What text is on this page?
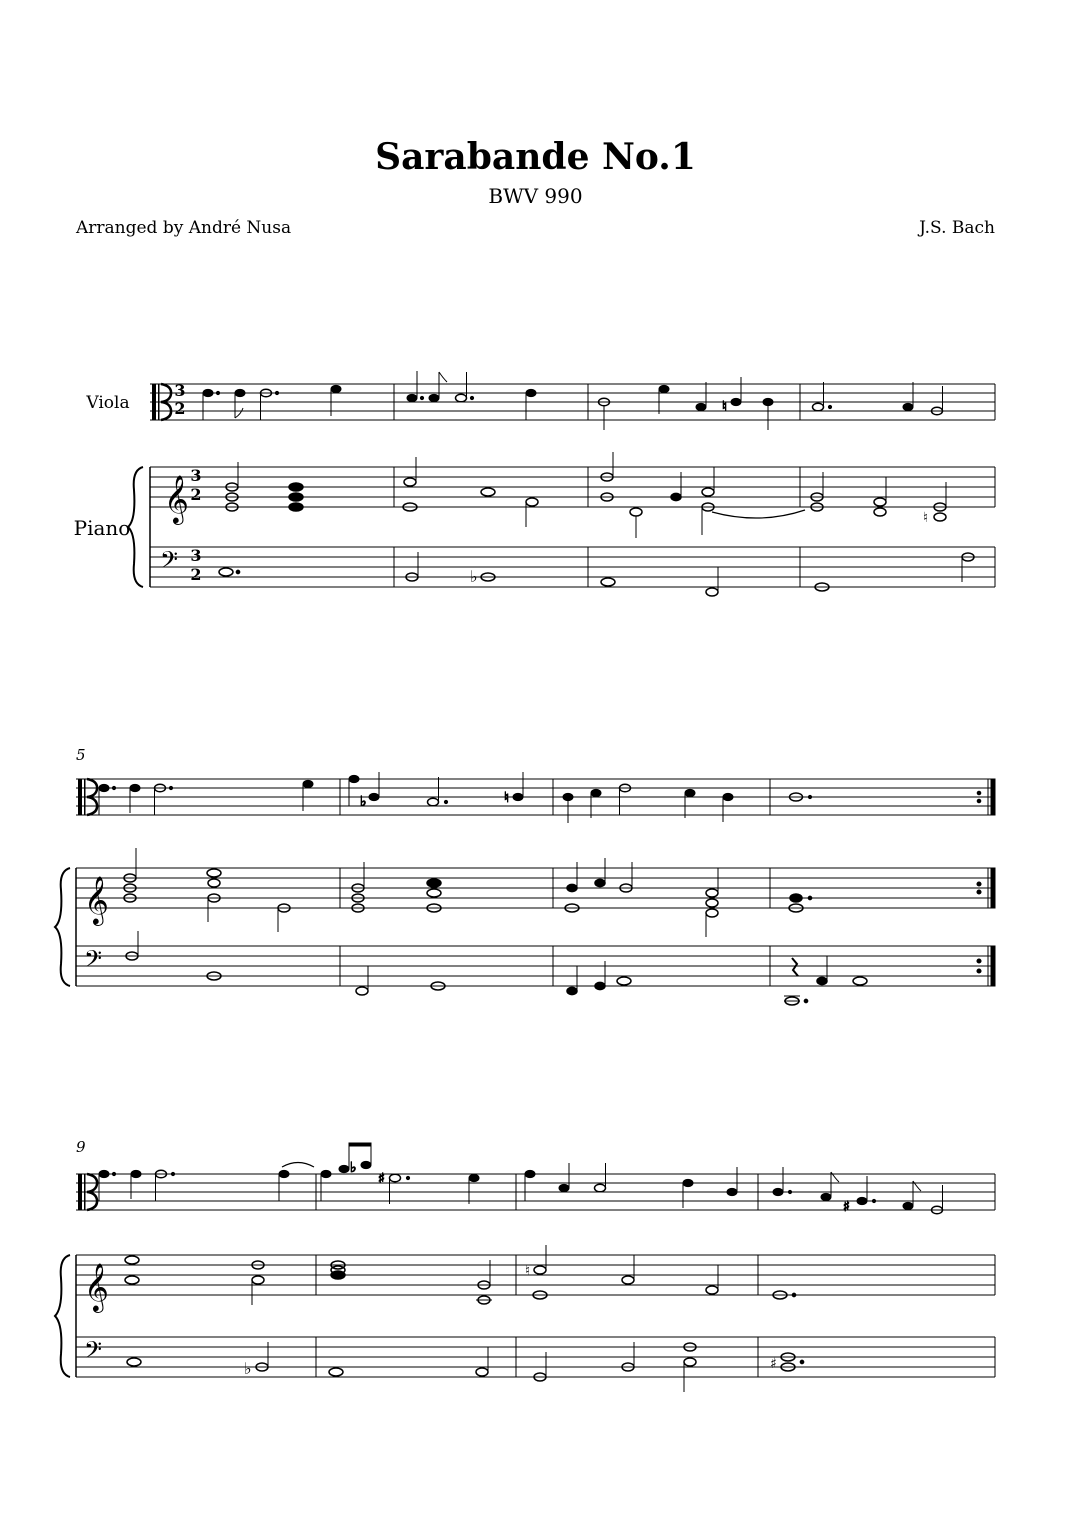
Sarabande No.1
BWV 990
Arranged by André Nusa	J.S. Bach
Viola
Piano
3
2	♮
𝄞 3
2
♮
𝄢 3
2	♭
5
♭	♮
𝄞
𝄢
9
♭
♯
♯
𝄞	♮
𝄢	♭	♯
